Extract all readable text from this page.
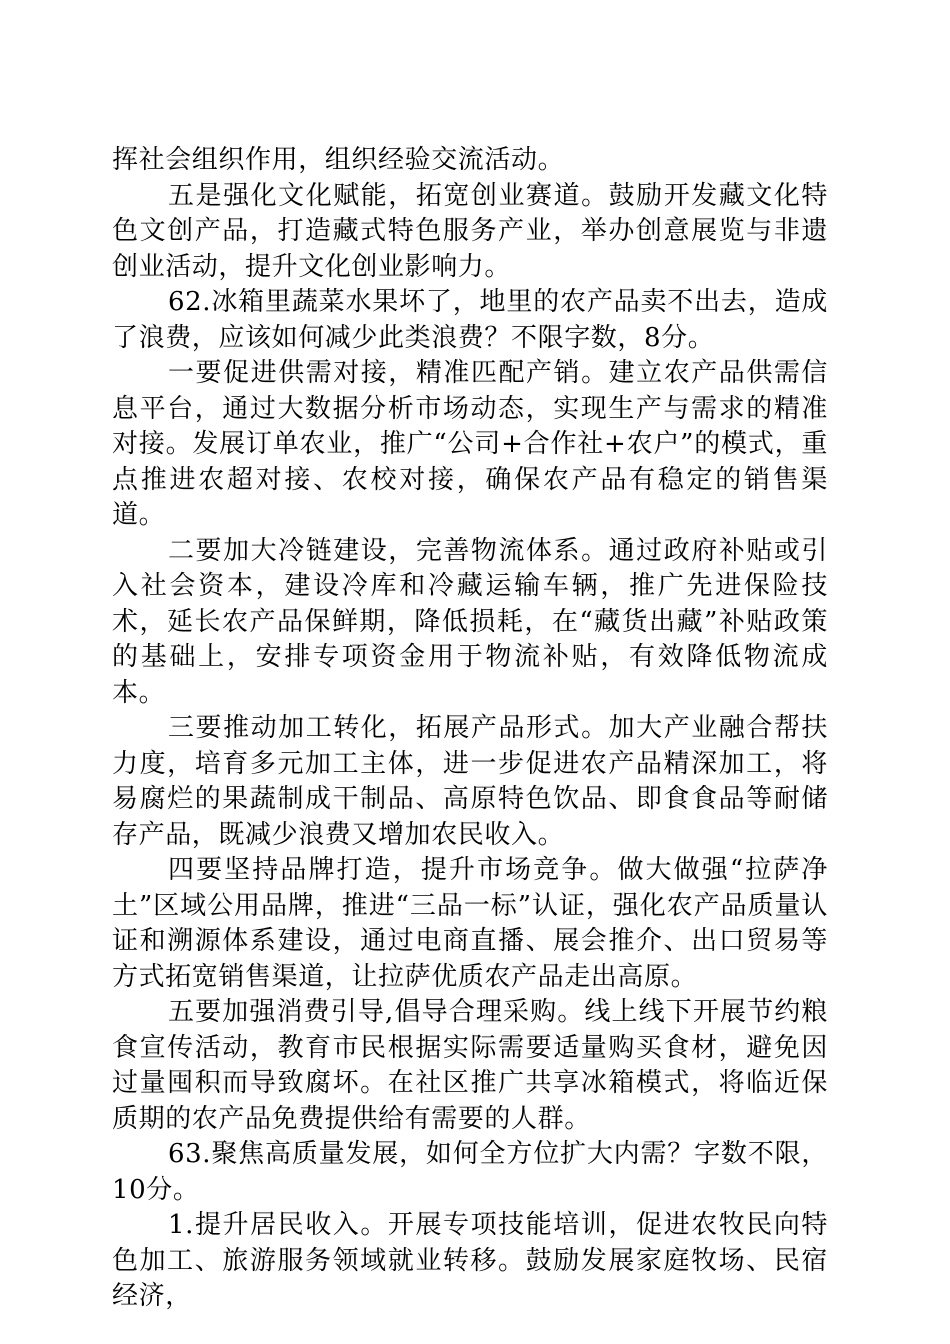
挥社会组织作用，组织经验交流活动。

五是强化文化赋能，拓宽创业赛道。鼓励开发藏文化特色文创产品，打造藏式特色服务产业，举办创意展览与非遗创业活动，提升文化创业影响力。

62.冰箱里蔬菜水果坏了，地里的农产品卖不出去，造成了浪费，应该如何减少此类浪费？不限字数，8分。

一要促进供需对接，精准匹配产销。建立农产品供需信息平台，通过大数据分析市场动态，实现生产与需求的精准对接。发展订单农业，推广“公司+合作社+农户”的模式，重点推进农超对接、农校对接，确保农产品有稳定的销售渠道。

二要加大冷链建设，完善物流体系。通过政府补贴或引入社会资本，建设冷库和冷藏运输车辆，推广先进保险技术，延长农产品保鲜期，降低损耗，在“藏货出藏”补贴政策的基础上，安排专项资金用于物流补贴，有效降低物流成本。

三要推动加工转化，拓展产品形式。加大产业融合帮扶力度，培育多元加工主体，进一步促进农产品精深加工，将易腐烂的果蔬制成干制品、高原特色饮品、即食食品等耐储存产品，既减少浪费又增加农民收入。

四要坚持品牌打造，提升市场竞争。做大做强“拉萨净土”区域公用品牌，推进“三品一标”认证，强化农产品质量认证和溯源体系建设，通过电商直播、展会推介、出口贸易等方式拓宽销售渠道，让拉萨优质农产品走出高原。

五要加强消费引导,倡导合理采购。线上线下开展节约粮食宣传活动，教育市民根据实际需要适量购买食材，避免因过量囤积而导致腐坏。在社区推广共享冰箱模式，将临近保质期的农产品免费提供给有需要的人群。

63.聚焦高质量发展，如何全方位扩大内需？字数不限，10分。

1.提升居民收入。开展专项技能培训，促进农牧民向特色加工、旅游服务领域就业转移。鼓励发展家庭牧场、民宿经济，
